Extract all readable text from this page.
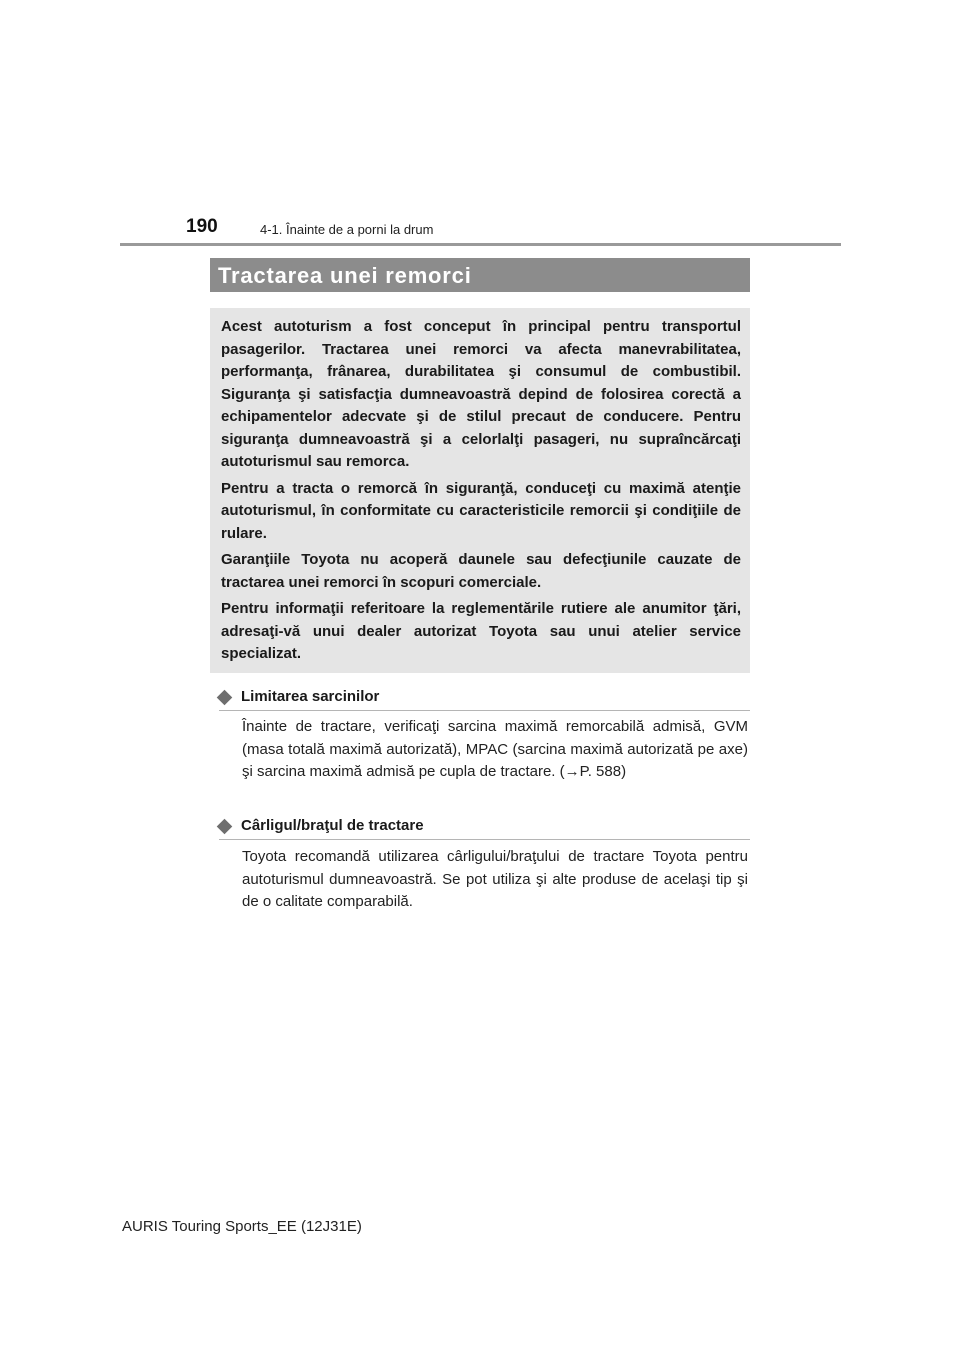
190	4-1. Înainte de a porni la drum
Tractarea unei remorci

Acest autoturism a fost conceput în principal pentru transportul pasagerilor. Tractarea unei remorci va afecta manevrabilitatea, performanţa, frânarea, durabilitatea şi consumul de combustibil. Siguranţa şi satisfacţia dumneavoastră depind de folosirea corectă a echipamentelor adecvate şi de stilul precaut de conducere. Pentru siguranţa dumneavoastră şi a celorlalţi pasageri, nu supraîncărcaţi autoturismul sau remorca.

Pentru a tracta o remorcă în siguranţă, conduceţi cu maximă atenţie autoturismul, în conformitate cu caracteristicile remorcii şi condiţiile de rulare.

Garanţiile Toyota nu acoperă daunele sau defecţiunile cauzate de tractarea unei remorci în scopuri comerciale.

Pentru informaţii referitoare la reglementările rutiere ale anumitor ţări, adresaţi-vă unui dealer autorizat Toyota sau unui atelier service specializat.

Limitarea sarcinilor

Înainte de tractare, verificaţi sarcina maximă remorcabilă admisă, GVM (masa totală maximă autorizată), MPAC (sarcina maximă autorizată pe axe) şi sarcina maximă admisă pe cupla de tractare. (→P. 588)

Cârligul/braţul de tractare

Toyota recomandă utilizarea cârligului/braţului de tractare Toyota pentru autoturismul dumneavoastră. Se pot utiliza şi alte produse de acelaşi tip şi de o calitate comparabilă.

AURIS Touring Sports_EE (12J31E)
